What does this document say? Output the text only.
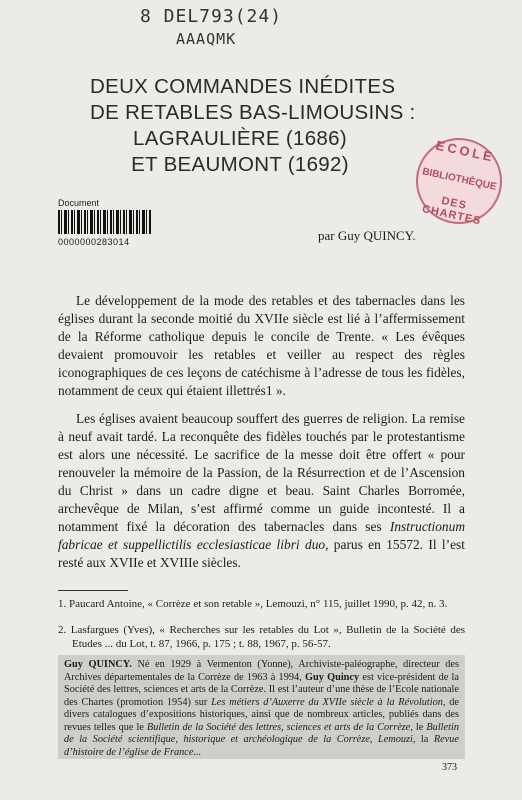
8 DEL793(24)
AAAQMK
DEUX COMMANDES INÉDITES
DE RETABLES BAS-LIMOUSINS :
LAGRAULIÈRE (1686)
ET BEAUMONT (1692)	ECOLE
BIBLIOTHÈQUE
DES CHARTES
Document
0000000283014	par Guy QUINCY.
Le développement de la mode des retables et des tabernacles dans les églises durant la seconde moitié du XVIIe siècle est lié à l’affermissement de la Réforme catholique depuis le concile de Trente. « Les évêques devaient promouvoir les retables et veiller au respect des règles iconographiques de ces leçons de catéchisme à l’adresse de tous les fidèles, notamment de ceux qui étaient illettrés1 ».
Les églises avaient beaucoup souffert des guerres de religion. La remise à neuf avait tardé. La reconquête des fidèles touchés par le protestantisme est alors une nécessité. Le sacrifice de la messe doit être offert « pour renouveler la mémoire de la Passion, de la Résurrection et de l’Ascension du Christ » dans un cadre digne et beau. Saint Charles Borromée, archevêque de Milan, s’est affirmé comme un guide incontesté. Il a notamment fixé la décoration des tabernacles dans ses Instructionum fabricae et suppellictilis ecclesiasticae libri duo, parus en 15572. Il l’est resté aux XVIIe et XVIIIe siècles.
1. Paucard Antoine, « Corrèze et son retable », Lemouzi, n° 115, juillet 1990, p. 42, n. 3.
2. Lasfargues (Yves), « Recherches sur les retables du Lot », Bulletin de la Société des Etudes ... du Lot, t. 87, 1966, p. 175 ; t. 88, 1967, p. 56-57.
Guy QUINCY. Né en 1929 à Vermenton (Yonne), Archiviste-paléographe, directeur des Archives départementales de la Corrèze de 1963 à 1994, Guy Quincy est vice-président de la Société des lettres, sciences et arts de la Corrèze. Il est l’auteur d’une thèse de l’Ecole nationale des Chartes (promotion 1954) sur Les métiers d’Auxerre du XVIIe siècle à la Révolution, de divers catalogues d’expositions historiques, ainsi que de nombreux articles, publiés dans des revues telles que le Bulletin de la Société des lettres, sciences et arts de la Corrèze, le Bulletin de la Société scientifique, historique et archéologique de la Corrèze, Lemouzi, la Revue d’histoire de l’église de France...
373
